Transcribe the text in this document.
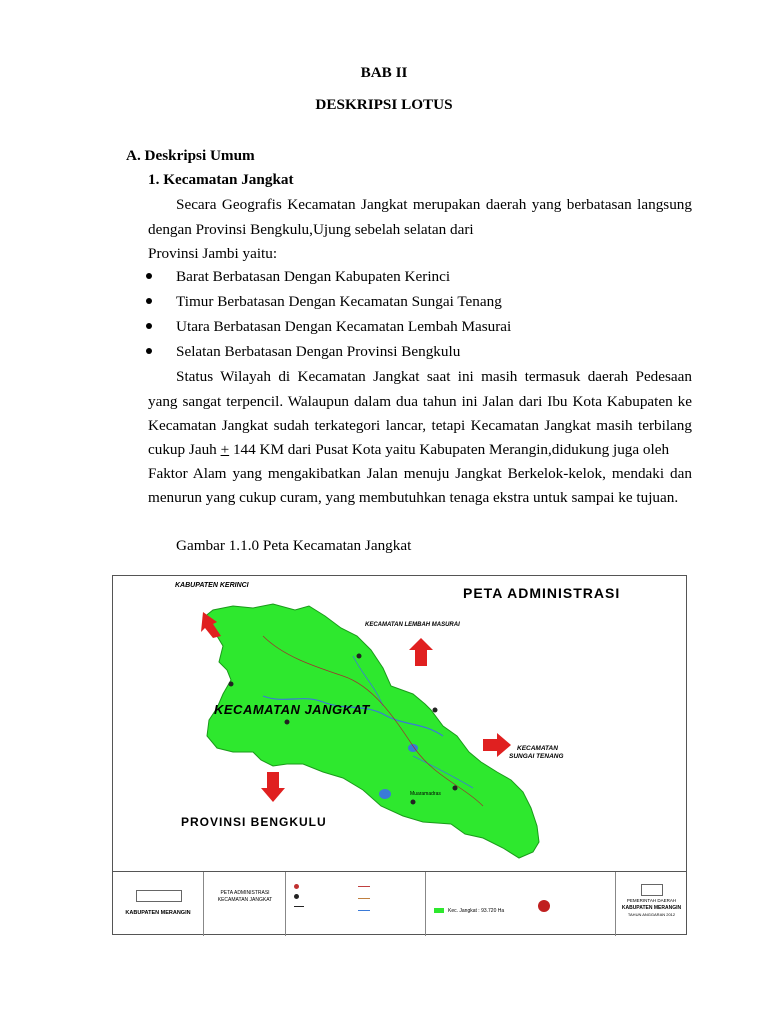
BAB II
DESKRIPSI LOTUS
A. Deskripsi Umum
1. Kecamatan Jangkat
Secara Geografis Kecamatan Jangkat merupakan daerah yang berbatasan langsung
dengan Provinsi Bengkulu,Ujung sebelah selatan dari
Provinsi Jambi yaitu:
Barat Berbatasan Dengan Kabupaten Kerinci
Timur Berbatasan Dengan Kecamatan Sungai Tenang
Utara Berbatasan Dengan Kecamatan Lembah Masurai
Selatan Berbatasan Dengan Provinsi Bengkulu
Status Wilayah di Kecamatan Jangkat saat ini masih termasuk daerah Pedesaan
yang sangat terpencil. Walaupun dalam dua tahun ini Jalan dari Ibu Kota Kabupaten ke
Kecamatan Jangkat sudah terkategori lancar, tetapi Kecamatan Jangkat masih terbilang
cukup Jauh + 144 KM dari Pusat Kota yaitu Kabupaten Merangin,didukung juga oleh
Faktor Alam yang mengakibatkan Jalan menuju Jangkat Berkelok-kelok, mendaki dan
menurun yang cukup curam, yang membutuhkan tenaga ekstra untuk sampai ke tujuan.
Gambar 1.1.0 Peta Kecamatan Jangkat
PETA ADMINISTRASI
KABUPATEN KERINCI
KECAMATAN LEMBAH MASURAI
KECAMATAN JANGKAT
KECAMATAN
SUNGAI TENANG
PROVINSI BENGKULU
Muaramadras
KABUPATEN MERANGIN
PETA ADMINISTRASI
KECAMATAN JANGKAT
Kec. Jangkat : 93.720 Ha
PEMERINTAH DAERAH
KABUPATEN MERANGIN
TAHUN ANGGARAN 2012
